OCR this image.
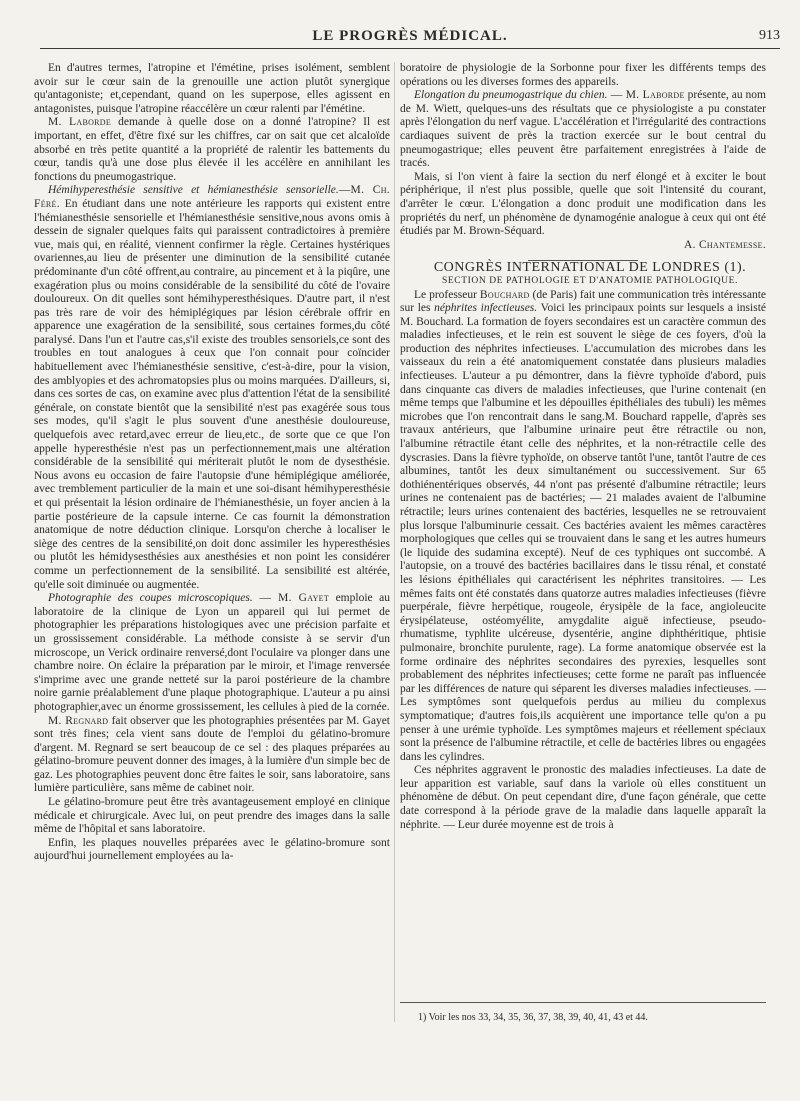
LE PROGRÈS MÉDICAL.	913

En d'autres termes, l'atropine et l'émétine, prises isolément, semblent avoir sur le cœur sain de la grenouille une action plutôt synergique qu'antagoniste; et,cependant, quand on les superpose, elles agissent en antagonistes, puisque l'atropine réaccélère un cœur ralenti par l'émétine.

M. Laborde demande à quelle dose on a donné l'atropine? Il est important, en effet, d'être fixé sur les chiffres, car on sait que cet alcaloïde absorbé en très petite quantité a la propriété de ralentir les battements du cœur, tandis qu'à une dose plus élevée il les accélère en annihilant les fonctions du pneumogastrique.

Hémihyperesthésie sensitive et hémianesthésie sensorielle.—M. Ch. Féré. En étudiant dans une note antérieure les rapports qui existent entre l'hémianesthésie sensorielle et l'hémianesthésie sensitive,nous avons omis à dessein de signaler quelques faits qui paraissent contradictoires à première vue, mais qui, en réalité, viennent confirmer la règle. Certaines hystériques ovariennes,au lieu de présenter une diminution de la sensibilité cutanée prédominante d'un côté offrent,au contraire, au pincement et à la piqûre, une exagération plus ou moins considérable de la sensibilité du côté de l'ovaire douloureux. On dit quelles sont hémihyperesthésiques. D'autre part, il n'est pas très rare de voir des hémiplégiques par lésion cérébrale offrir en apparence une exagération de la sensibilité, sous certaines formes,du côté paralysé. Dans l'un et l'autre cas,s'il existe des troubles sensoriels,ce sont des troubles en tout analogues à ceux que l'on connait pour coïncider habituellement avec l'hémianesthésie sensitive, c'est-à-dire, pour la vision, des amblyopies et des achromatopsies plus ou moins marquées. D'ailleurs, si, dans ces sortes de cas, on examine avec plus d'attention l'état de la sensibilité générale, on constate bientôt que la sensibilité n'est pas exagérée sous tous ses modes, qu'il s'agit le plus souvent d'une anesthésie douloureuse, quelquefois avec retard,avec erreur de lieu,etc., de sorte que ce que l'on appelle hyperesthésie n'est pas un perfectionnement,mais une altération considérable de la sensibilité qui mériterait plutôt le nom de dysesthésie. Nous avons eu occasion de faire l'autopsie d'une hémiplégique améliorée, avec tremblement particulier de la main et une soi-disant hémihyperesthésie et qui présentait la lésion ordinaire de l'hémianesthésie, un foyer ancien à la partie postérieure de la capsule interne. Ce cas fournit la démonstration anatomique de notre déduction clinique. Lorsqu'on cherche à localiser le siège des centres de la sensibilité,on doit donc assimiler les hyperesthésies ou plutôt les hémidysesthésies aux anesthésies et non point les considérer comme un perfectionnement de la sensibilité. La sensibilité est altérée, qu'elle soit diminuée ou augmentée.

Photographie des coupes microscopiques. — M. Gayet emploie au laboratoire de la clinique de Lyon un appareil qui lui permet de photographier les préparations histologiques avec une précision parfaite et un grossissement considérable. La méthode consiste à se servir d'un microscope, un Verick ordinaire renversé,dont l'oculaire va plonger dans une chambre noire. On éclaire la préparation par le miroir, et l'image renversée s'imprime avec une grande netteté sur la paroi postérieure de la chambre noire garnie préalablement d'une plaque photographique. L'auteur a pu ainsi photographier,avec un énorme grossissement, les cellules à pied de la cornée.

M. Regnard fait observer que les photographies présentées par M. Gayet sont très fines; cela vient sans doute de l'emploi du gélatino-bromure d'argent. M. Regnard se sert beaucoup de ce sel : des plaques préparées au gélatino-bromure peuvent donner des images, à la lumière d'un simple bec de gaz. Les photographies peuvent donc être faites le soir, sans laboratoire, sans lumière particulière, sans même de cabinet noir.

Le gélatino-bromure peut être très avantageusement employé en clinique médicale et chirurgicale. Avec lui, on peut prendre des images dans la salle même de l'hôpital et sans laboratoire.

Enfin, les plaques nouvelles préparées avec le gélatino-bromure sont aujourd'hui journellement employées au la-

boratoire de physiologie de la Sorbonne pour fixer les différents temps des opérations ou les diverses formes des appareils.

Elongation du pneumogastrique du chien. — M. Laborde présente, au nom de M. Wiett, quelques-uns des résultats que ce physiologiste a pu constater après l'élongation du nerf vague. L'accélération et l'irrégularité des contractions cardiaques suivent de près la traction exercée sur le bout central du pneumogastrique; elles peuvent être parfaitement enregistrées à l'aide de tracés.

Mais, si l'on vient à faire la section du nerf élongé et à exciter le bout périphérique, il n'est plus possible, quelle que soit l'intensité du courant, d'arrêter le cœur. L'élongation a donc produit une modification dans les propriétés du nerf, un phénomène de dynamogénie analogue à ceux qui ont été étudiés par M. Brown-Séquard.

A. Chantemesse.

CONGRÈS INTERNATIONAL DE LONDRES (1).

SECTION DE PATHOLOGIE ET D'ANATOMIE PATHOLOGIQUE.

Le professeur Bouchard (de Paris) fait une communication très intéressante sur les néphrites infectieuses. Voici les principaux points sur lesquels a insisté M. Bouchard. La formation de foyers secondaires est un caractère commun des maladies infectieuses, et le rein est souvent le siège de ces foyers, d'où la production des néphrites infectieuses. L'accumulation des microbes dans les vaisseaux du rein a été anatomiquement constatée dans plusieurs maladies infectieuses. L'auteur a pu démontrer, dans la fièvre typhoïde d'abord, puis dans cinquante cas divers de maladies infectieuses, que l'urine contenait (en même temps que l'albumine et les dépouilles épithéliales des tubuli) les mêmes microbes que l'on rencontrait dans le sang.M. Bouchard rappelle, d'après ses travaux antérieurs, que l'albumine urinaire peut être rétractile ou non, l'albumine rétractile étant celle des néphrites, et la non-rétractile celle des dyscrasies. Dans la fièvre typhoïde, on observe tantôt l'une, tantôt l'autre de ces albumines, tantôt les deux simultanément ou successivement. Sur 65 dothiénentériques observés, 44 n'ont pas présenté d'albumine rétractile; leurs urines ne contenaient pas de bactéries; — 21 malades avaient de l'albumine rétractile; leurs urines contenaient des bactéries, lesquelles ne se retrouvaient plus lorsque l'albuminurie cessait. Ces bactéries avaient les mêmes caractères morphologiques que celles qui se trouvaient dans le sang et les autres humeurs (le liquide des sudamina excepté). Neuf de ces typhiques ont succombé. A l'autopsie, on a trouvé des bactéries bacillaires dans le tissu rénal, et constaté les lésions épithéliales qui caractérisent les néphrites transitoires. — Les mêmes faits ont été constatés dans quatorze autres maladies infectieuses (fièvre puerpérale, fièvre herpétique, rougeole, érysipèle de la face, angioleucite érysipélateuse, ostéomyélite, amygdalite aiguë infectieuse, pseudo-rhumatisme, typhlite ulcéreuse, dysentérie, angine diphthéritique, phtisie pulmonaire, bronchite purulente, rage). La forme anatomique observée est la forme ordinaire des néphrites secondaires des pyrexies, lesquelles sont probablement des néphrites infectieuses; cette forme ne paraît pas influencée par les différences de nature qui séparent les diverses maladies infectieuses. — Les symptômes sont quelquefois perdus au milieu du complexus symptomatique; d'autres fois,ils acquièrent une importance telle qu'on a pu penser à une urémie typhoïde. Les symptômes majeurs et réellement spéciaux sont la présence de l'albumine rétractile, et celle de bactéries libres ou engagées dans les cylindres.

Ces néphrites aggravent le pronostic des maladies infectieuses. La date de leur apparition est variable, sauf dans la variole où elles constituent un phénomène de début. On peut cependant dire, d'une façon générale, que cette date correspond à la période grave de la maladie dans laquelle apparaît la néphrite. — Leur durée moyenne est de trois à

1) Voir les nos 33, 34, 35, 36, 37, 38, 39, 40, 41, 43 et 44.
